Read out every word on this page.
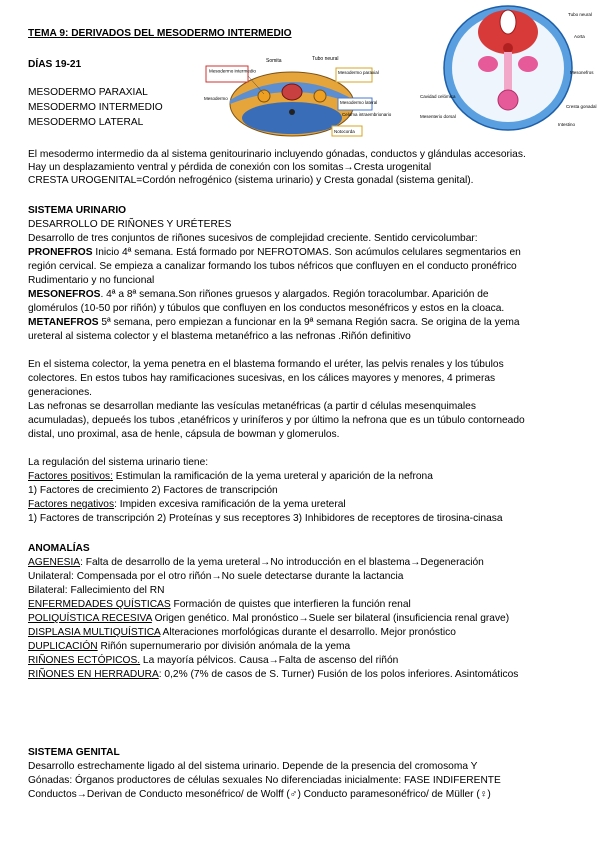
TEMA 9: DERIVADOS DEL MESODERMO INTERMEDIO
DÍAS 19-21
MESODERMO PARAXIAL
MESODERMO INTERMEDIO
MESODERMO LATERAL
Mesodermo intermedio
Somita	Tubo neural
Mesodermo paraxial
Mesodermo
Mesodermo lateral
Celoma intraembrionario
Notocorda
Tubo neural
Aorta
Mesonefros
Cresta gonadal
Intestino
Cavidad celómica
Mesenterio dorsal
El mesodermo intermedio da al sistema genitourinario incluyendo gónadas, conductos y glándulas accesorias.
Hay un desplazamiento ventral y pérdida de conexión con los somitas→Cresta urogenital
CRESTA UROGENITAL=Cordón nefrogénico (sistema urinario) y Cresta gonadal (sistema genital).
SISTEMA URINARIO
DESARROLLO DE RIÑONES Y URÉTERES
Desarrollo de tres conjuntos de riñones sucesivos de complejidad creciente. Sentido cervicolumbar:
PRONEFROS Inicio 4ª semana. Está formado por NEFROTOMAS. Son acúmulos celulares segmentarios en
región cervical. Se empieza a canalizar formando los tubos néfricos que confluyen en el conducto pronéfrico
Rudimentario y no funcional
MESONEFROS. 4ª a 8ª semana.Son riñones gruesos y alargados. Región toracolumbar. Aparición de
glomérulos (10-50 por riñón) y túbulos que confluyen en los conductos mesonéfricos y estos en la cloaca.
METANEFROS 5ª semana, pero empiezan a funcionar en la 9ª semana Región sacra. Se origina de la yema
ureteral al sistema colector y el blastema metanéfrico a las nefronas .Riñón definitivo
En el sistema colector, la yema penetra en el blastema formando el uréter, las pelvis renales y los túbulos
colectores. En estos tubos hay ramificaciones sucesivas, en los cálices mayores y menores, 4 primeras
generaciones.
Las nefronas se desarrollan mediante las vesículas metanéfricas (a partir d células mesenquimales
acumuladas), depueés los tubos ,etanéfricos y uriníferos y por último la nefrona que es un túbulo contorneado
distal, uno proximal, asa de henle, cápsula de bowman y glomerulos.
La regulación del sistema urinario tiene:
Factores positivos: Estimulan la ramificación de la yema ureteral y aparición de la nefrona
1) Factores de crecimiento 2) Factores de transcripción
Factores negativos: Impiden excesiva ramificación de la yema ureteral
1) Factores de transcripción 2) Proteínas y sus receptores 3) Inhibidores de receptores de tirosina-cinasa
ANOMALÍAS
AGENESIA: Falta de desarrollo de la yema ureteral→No introducción en el blastema→Degeneración
Unilateral: Compensada por el otro riñón→No suele detectarse durante la lactancia
Bilateral: Fallecimiento del RN
ENFERMEDADES QUÍSTICAS Formación de quistes que interfieren la función renal
POLIQUÍSTICA RECESIVA Origen genético. Mal pronóstico→Suele ser bilateral (insuficiencia renal grave)
DISPLASIA MULTIQUÍSTICA Alteraciones morfológicas durante el desarrollo. Mejor pronóstico
DUPLICACIÓN Riñón supernumerario por división anómala de la yema
RIÑONES ECTÓPICOS. La mayoría pélvicos. Causa→Falta de ascenso del riñón
RIÑONES EN HERRADURA: 0,2% (7% de casos de S. Turner) Fusión de los polos inferiores. Asintomáticos
SISTEMA GENITAL
Desarrollo estrechamente ligado al del sistema urinario. Depende de la presencia del cromosoma Y
Gónadas: Órganos productores de células sexuales No diferenciadas inicialmente: FASE INDIFERENTE
Conductos→Derivan de Conducto mesonéfrico/ de Wolff (♂) Conducto paramesonéfrico/ de Müller (♀)
